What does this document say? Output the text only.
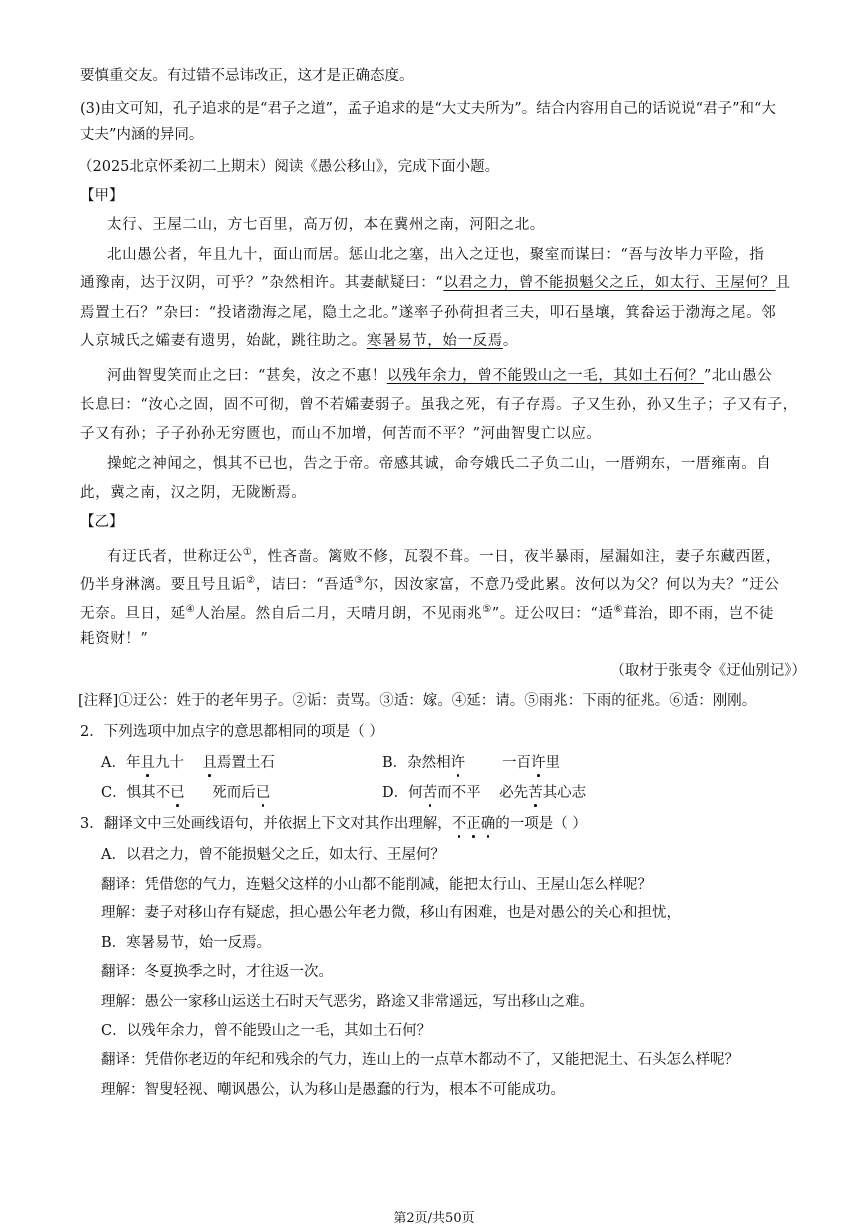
要慎重交友。有过错不忌讳改正，这才是正确态度。
(3)由文可知，孔子追求的是“君子之道”，孟子追求的是“大丈夫所为”。结合内容用自己的话说说“君子”和“大
丈夫”内涵的异同。
（2025北京怀柔初二上期末）阅读《愚公移山》，完成下面小题。
【甲】
太行、王屋二山，方七百里，高万仞，本在冀州之南，河阳之北。
北山愚公者，年且九十，面山而居。惩山北之塞，出入之迂也，聚室而谋曰：“吾与汝毕力平险，指
通豫南，达于汉阴，可乎？”杂然相许。其妻献疑曰：“以君之力，曾不能损魁父之丘，如太行、王屋何？且
焉置土石？”杂曰：“投诸渤海之尾，隐土之北。”遂率子孙荷担者三夫，叩石垦壤，箕畚运于渤海之尾。邻
人京城氏之孀妻有遗男，始龀，跳往助之。寒暑易节，始一反焉。
河曲智叟笑而止之曰：“甚矣，汝之不惠！以残年余力，曾不能毁山之一毛，其如土石何？”北山愚公
长息曰：“汝心之固，固不可彻，曾不若孀妻弱子。虽我之死，有子存焉。子又生孙，孙又生子；子又有子，
子又有孙；子子孙孙无穷匮也，而山不加增，何苦而不平？”河曲智叟亡以应。
操蛇之神闻之，惧其不已也，告之于帝。帝感其诚，命夸娥氏二子负二山，一厝朔东，一厝雍南。自
此，冀之南，汉之阴，无陇断焉。
【乙】
有迂氏者，世称迂公①，性吝啬。篱败不修，瓦裂不葺。一日，夜半暴雨，屋漏如注，妻子东藏西匿，
仍半身淋漓。要且号且诟②，诘曰：“吾适③尔，因汝家富，不意乃受此累。汝何以为父？何以为夫？”迂公
无奈。旦日，延④人治屋。然自后二月，天晴月朗，不见雨兆⑤”。迂公叹曰：“适⑥葺治，即不雨，岂不徒
耗资财！”
（取材于张夷令《迂仙别记》）
[注释]①迂公：姓于的老年男子。②诟：责骂。③适：嫁。④延：请。⑤雨兆：下雨的征兆。⑥适：刚刚。
2．下列选项中加点字的意思都相同的项是（ ）
A．年且九十    且焉置土石	B．杂然相许        一百许里
C．惧其不已      死而后已	D．何苦而不平    必先苦其心志
3．翻译文中三处画线语句，并依据上下文对其作出理解，不正确的一项是（ ）
A．以君之力，曾不能损魁父之丘，如太行、王屋何？
翻译：凭借您的气力，连魁父这样的小山都不能削减，能把太行山、王屋山怎么样呢？
理解：妻子对移山存有疑虑，担心愚公年老力微，移山有困难，也是对愚公的关心和担忧，
B．寒暑易节，始一反焉。
翻译：冬夏换季之时，才往返一次。
理解：愚公一家移山运送土石时天气恶劣，路途又非常遥远，写出移山之难。
C．以残年余力，曾不能毁山之一毛，其如土石何？
翻译：凭借你老迈的年纪和残余的气力，连山上的一点草木都动不了，又能把泥土、石头怎么样呢？
理解：智叟轻视、嘲讽愚公，认为移山是愚蠢的行为，根本不可能成功。
第2页/共50页
